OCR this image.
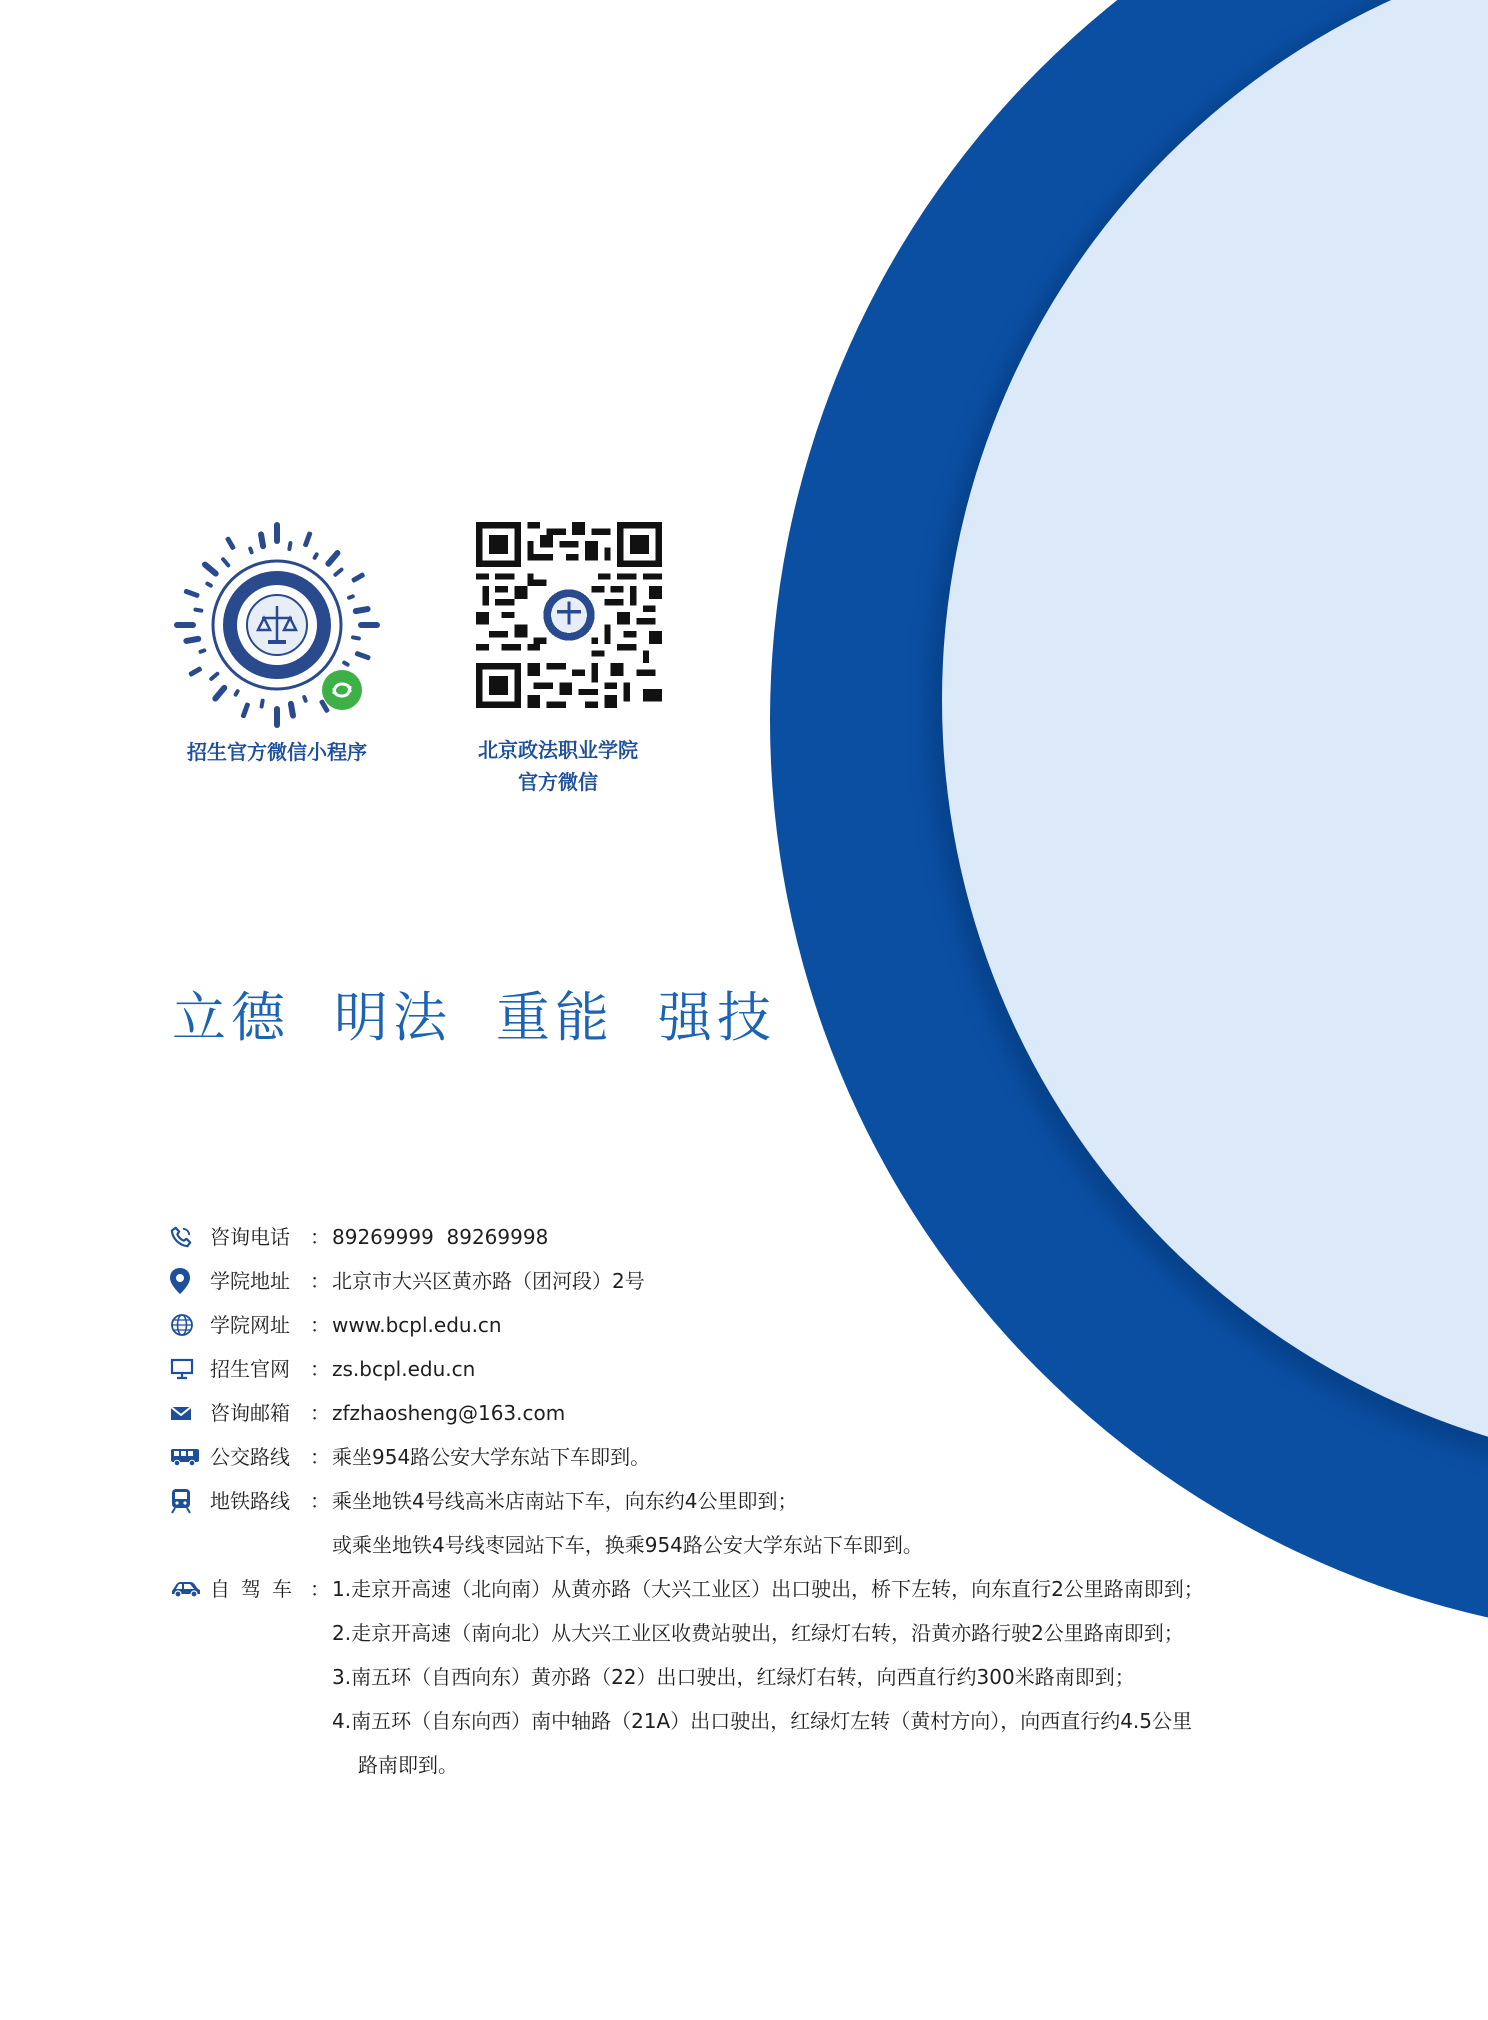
招生官方微信小程序	北京政法职业学院
官方微信
立德 明法 重能 强技
咨询电话	： 89269999  89269998
学院地址	： 北京市大兴区黄亦路（团河段）2号
学院网址	： www.bcpl.edu.cn
招生官网	： zs.bcpl.edu.cn
咨询邮箱	： zfzhaosheng@163.com
公交路线	： 乘坐954路公安大学东站下车即到。
地铁路线	： 乘坐地铁4号线高米店南站下车，向东约4公里即到；
或乘坐地铁4号线枣园站下车，换乘954路公安大学东站下车即到。
自驾车 ： 1.走京开高速（北向南）从黄亦路（大兴工业区）出口驶出，桥下左转，向东直行2公里路南即到；
2.走京开高速（南向北）从大兴工业区收费站驶出，红绿灯右转，沿黄亦路行驶2公里路南即到；
3.南五环（自西向东）黄亦路（22）出口驶出，红绿灯右转，向西直行约300米路南即到；
4.南五环（自东向西）南中轴路（21A）出口驶出，红绿灯左转（黄村方向），向西直行约4.5公里
路南即到。
